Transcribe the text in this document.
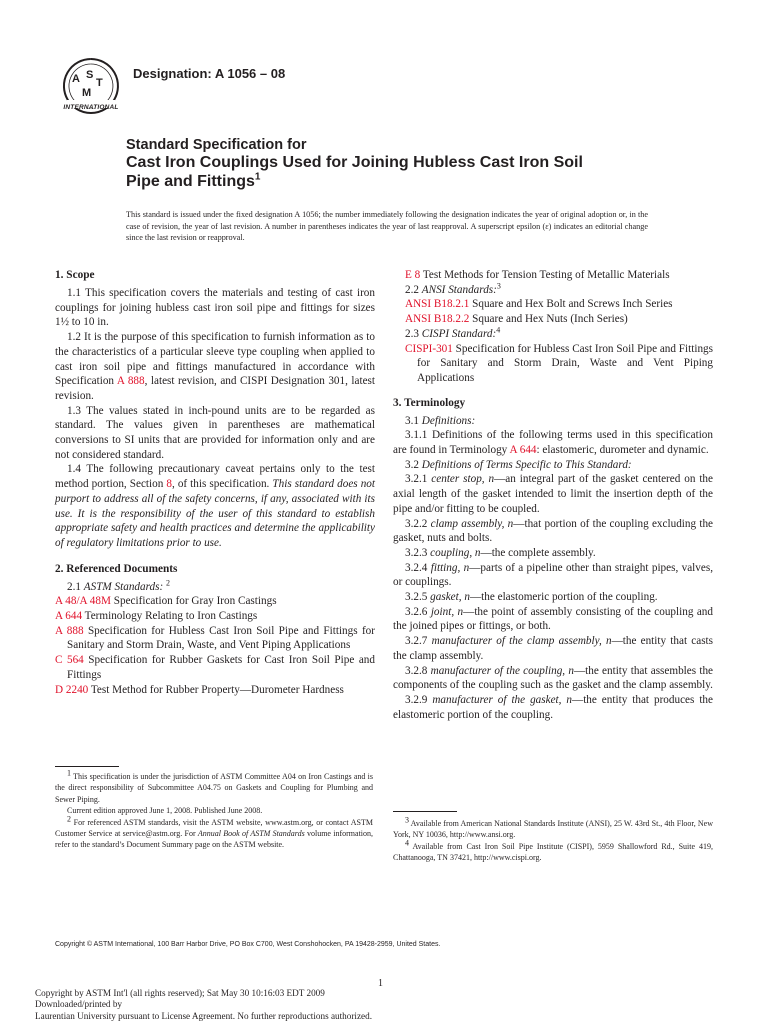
A S
T
M
INTERNATIONAL
Designation: A 1056 – 08
Standard Specification for
Cast Iron Couplings Used for Joining Hubless Cast Iron Soil
Pipe and Fittings$^1$
This standard is issued under the fixed designation A 1056; the number immediately following the designation indicates the year of original adoption or, in the case of revision, the year of last revision. A number in parentheses indicates the year of last reapproval. A superscript epsilon (ε) indicates an editorial change since the last revision or reapproval.
1. Scope

1.1 This specification covers the materials and testing of cast iron couplings for joining hubless cast iron soil pipe and fittings for sizes 1½ to 10 in.

1.2 It is the purpose of this specification to furnish information as to the characteristics of a particular sleeve type coupling when applied to cast iron soil pipe and fittings manufactured in accordance with Specification A 888, latest revision, and CISPI Designation 301, latest revision.

1.3 The values stated in inch-pound units are to be regarded as standard. The values given in parentheses are mathematical conversions to SI units that are provided for information only and are not considered standard.

1.4 The following precautionary caveat pertains only to the test method portion, Section 8, of this specification. This standard does not purport to address all of the safety concerns, if any, associated with its use. It is the responsibility of the user of this standard to establish appropriate safety and health practices and determine the applicability of regulatory limitations prior to use.

2. Referenced Documents

2.1 ASTM Standards: $^2$

A 48/A 48M Specification for Gray Iron Castings

A 644 Terminology Relating to Iron Castings

A 888 Specification for Hubless Cast Iron Soil Pipe and Fittings for Sanitary and Storm Drain, Waste, and Vent Piping Applications

C 564 Specification for Rubber Gaskets for Cast Iron Soil Pipe and Fittings

D 2240 Test Method for Rubber Property—Durometer Hardness

E 8 Test Methods for Tension Testing of Metallic Materials

2.2 ANSI Standards:$^3$

ANSI B18.2.1 Square and Hex Bolt and Screws Inch Series

ANSI B18.2.2 Square and Hex Nuts (Inch Series)

2.3 CISPI Standard:$^4$

CISPI-301 Specification for Hubless Cast Iron Soil Pipe and Fittings for Sanitary and Storm Drain, Waste and Vent Piping Applications

3. Terminology

3.1 Definitions:

3.1.1 Definitions of the following terms used in this specification are found in Terminology A 644: elastomeric, durometer and dynamic.

3.2 Definitions of Terms Specific to This Standard:

3.2.1 center stop, n—an integral part of the gasket centered on the axial length of the gasket intended to limit the insertion depth of the pipe and/or fitting to be coupled.

3.2.2 clamp assembly, n—that portion of the coupling excluding the gasket, nuts and bolts.

3.2.3 coupling, n—the complete assembly.

3.2.4 fitting, n—parts of a pipeline other than straight pipes, valves, or couplings.

3.2.5 gasket, n—the elastomeric portion of the coupling.

3.2.6 joint, n—the point of assembly consisting of the coupling and the joined pipes or fittings, or both.

3.2.7 manufacturer of the clamp assembly, n—the entity that casts the clamp assembly.

3.2.8 manufacturer of the coupling, n—the entity that assembles the components of the coupling such as the gasket and the clamp assembly.

3.2.9 manufacturer of the gasket, n—the entity that produces the elastomeric portion of the coupling.

1 This specification is under the jurisdiction of ASTM Committee A04 on Iron Castings and is the direct responsibility of Subcommittee A04.75 on Gaskets and Coupling for Plumbing and Sewer Piping.

Current edition approved June 1, 2008. Published June 2008.

2 For referenced ASTM standards, visit the ASTM website, www.astm.org, or contact ASTM Customer Service at service@astm.org. For Annual Book of ASTM Standards volume information, refer to the standard’s Document Summary page on the ASTM website.

3 Available from American National Standards Institute (ANSI), 25 W. 43rd St., 4th Floor, New York, NY 10036, http://www.ansi.org.

4 Available from Cast Iron Soil Pipe Institute (CISPI), 5959 Shallowford Rd., Suite 419, Chattanooga, TN 37421, http://www.cispi.org.

Copyright © ASTM International, 100 Barr Harbor Drive, PO Box C700, West Conshohocken, PA 19428-2959, United States.
1
Copyright by ASTM Int'l (all rights reserved); Sat May 30 10:16:03 EDT 2009
Downloaded/printed by
Laurentian University pursuant to License Agreement. No further reproductions authorized.
